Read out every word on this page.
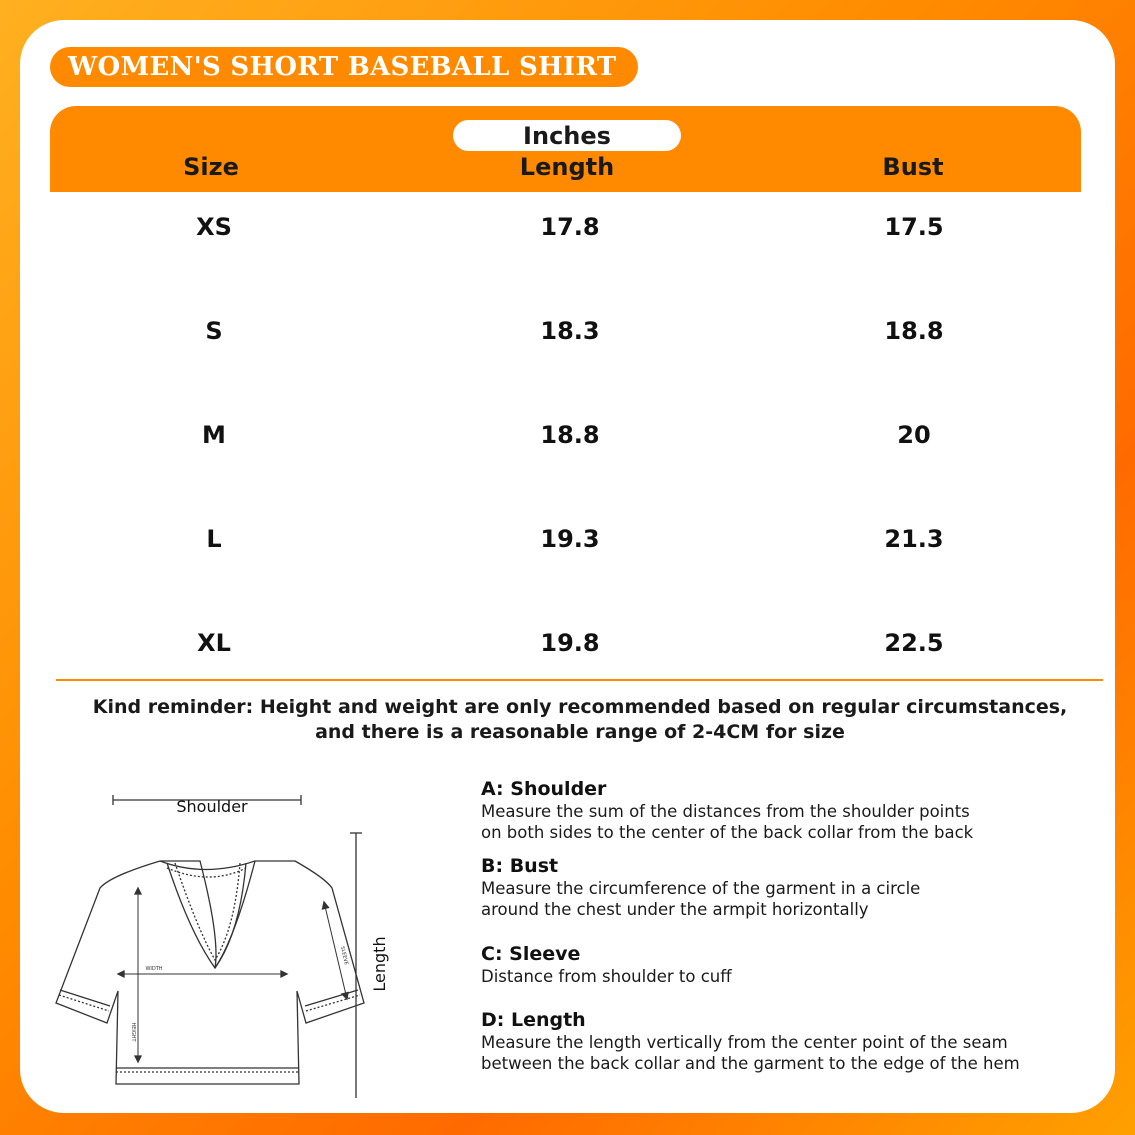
WOMEN'S SHORT BASEBALL SHIRT
Inches
Size	Length	Bust
XS	17.8	17.5
S	18.3	18.8
M	18.8	20
L	19.3	21.3
XL	19.8	22.5
Kind reminder: Height and weight are only recommended based on regular circumstances,
and there is a reasonable range of 2-4CM for size
Shoulder
Length
WIDTH
HEIGHT
SLEEVE
A: Shoulder
Measure the sum of the distances from the shoulder points
on both sides to the center of the back collar from the back
B: Bust
Measure the circumference of the garment in a circle
around the chest under the armpit horizontally
C: Sleeve
Distance from shoulder to cuff
D: Length
Measure the length vertically from the center point of the seam
between the back collar and the garment to the edge of the hem
